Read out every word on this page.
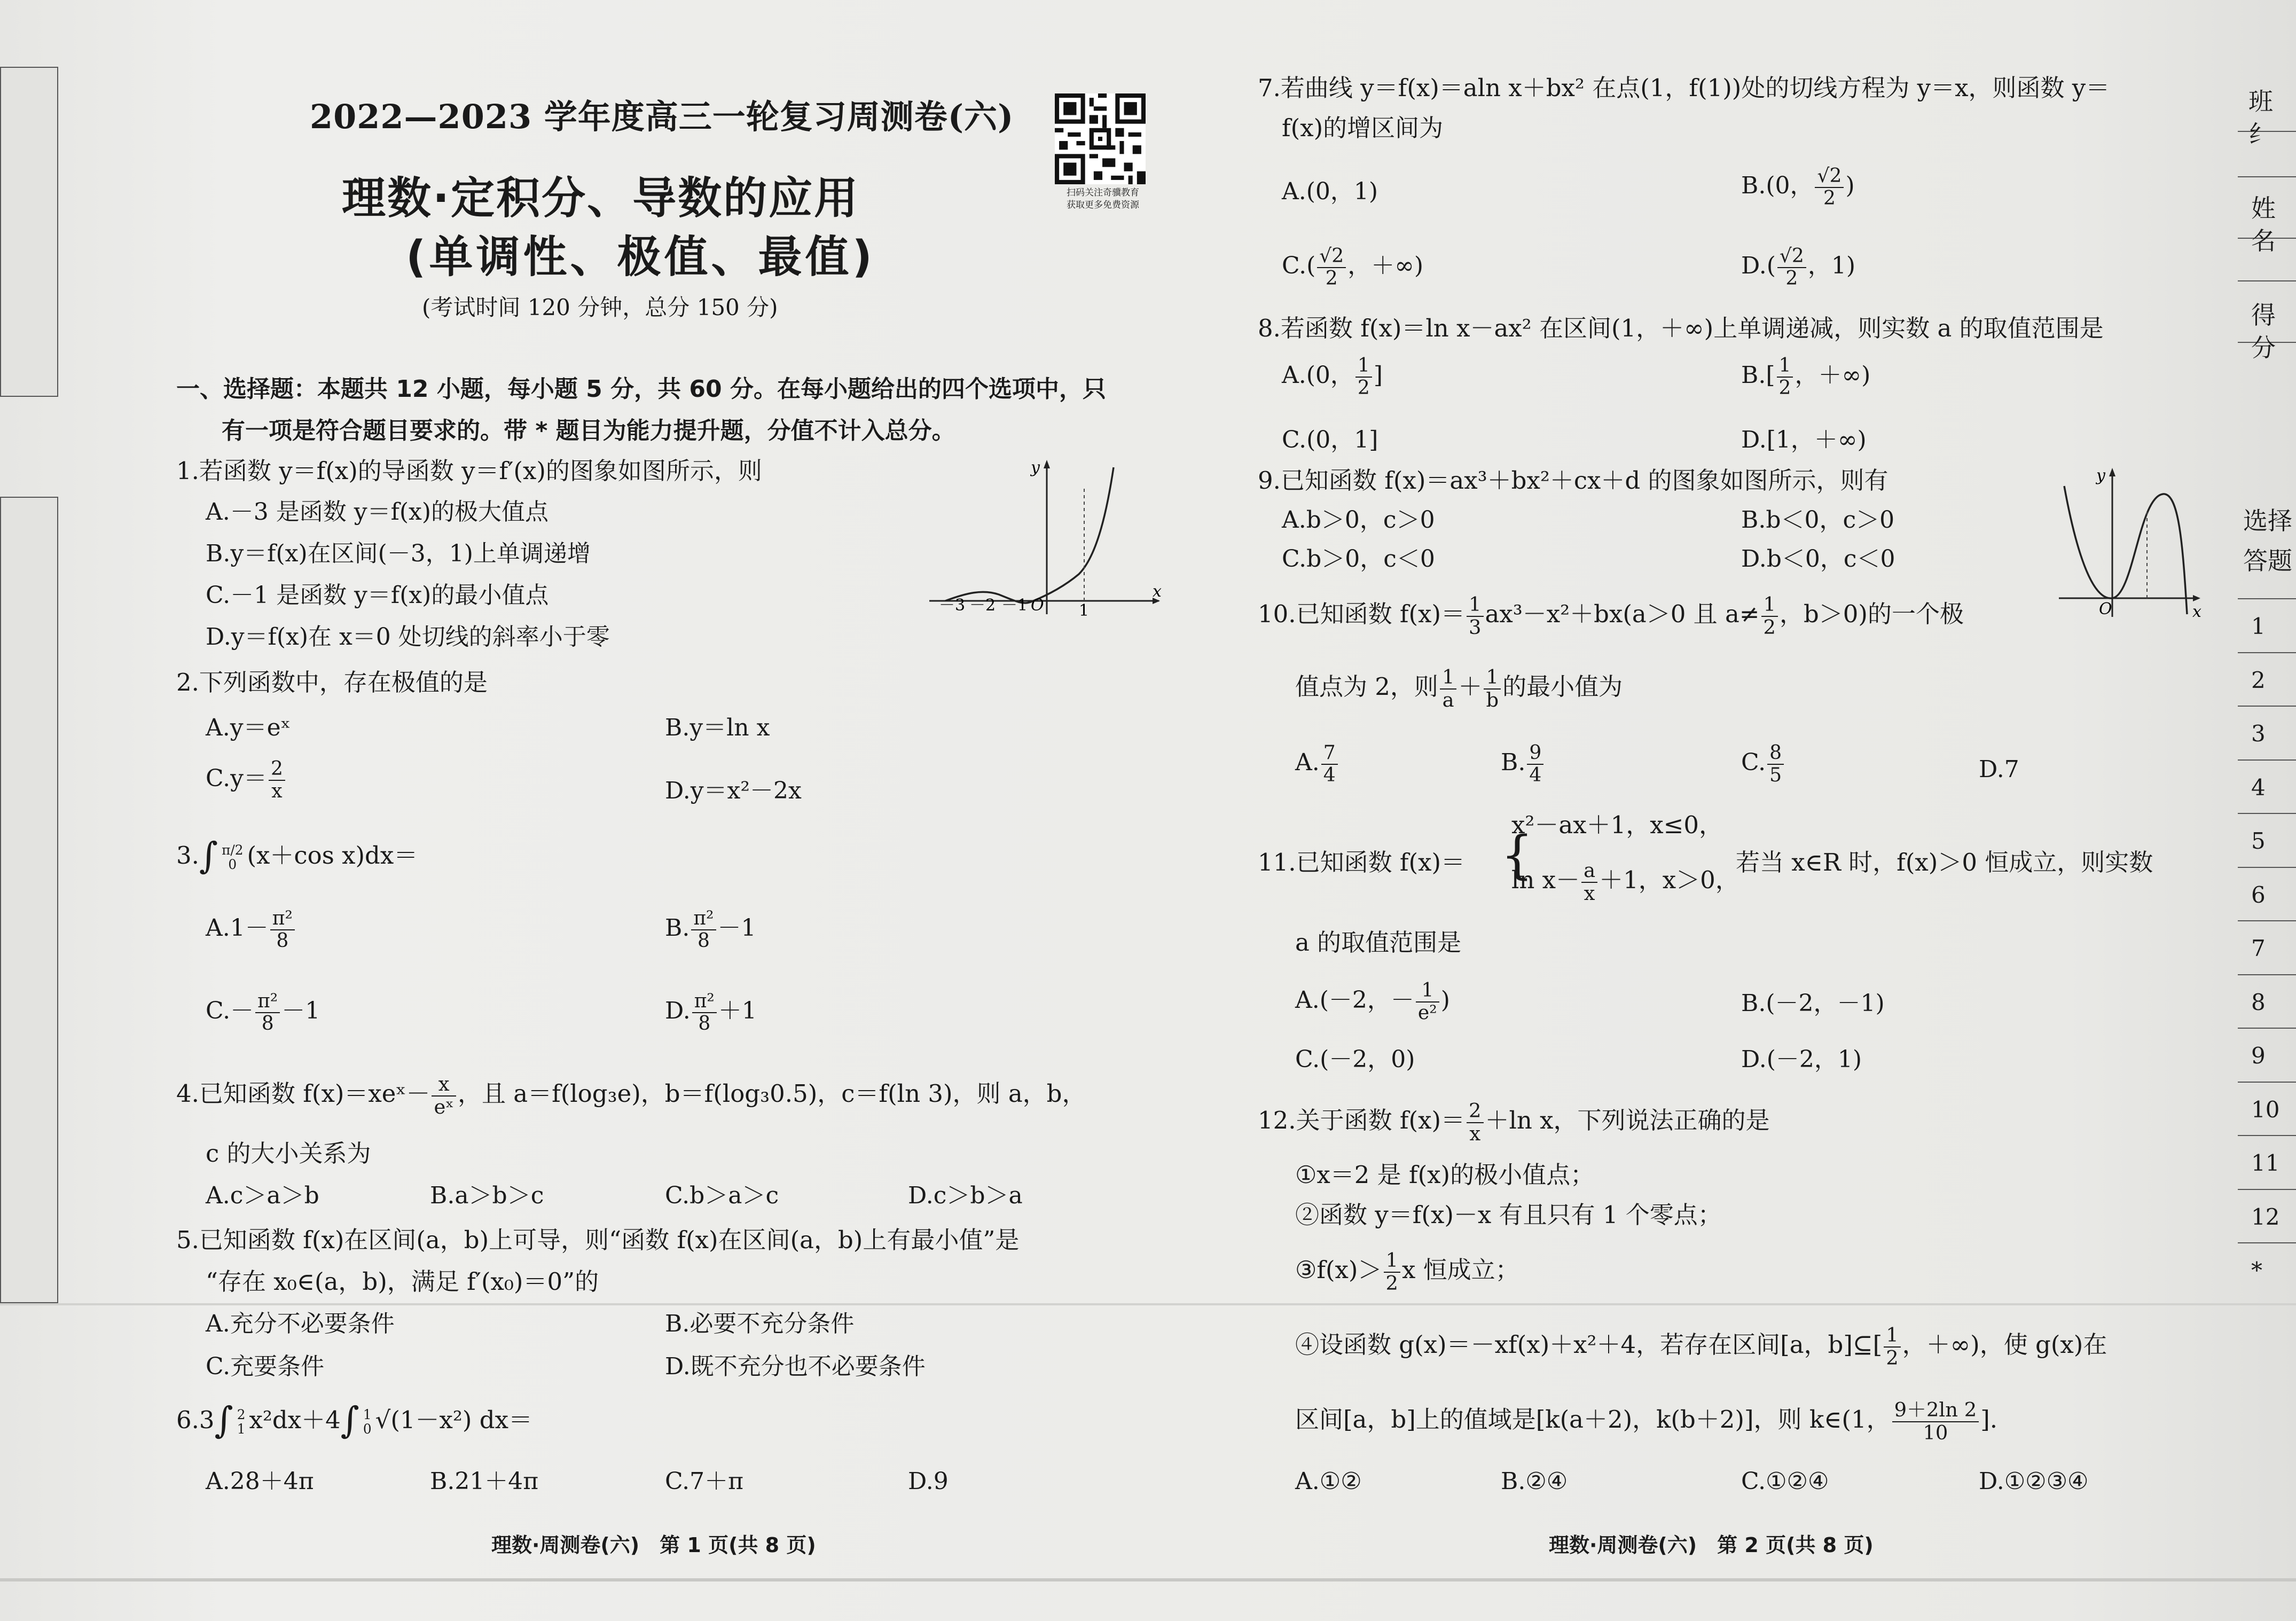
2022—2023 学年度高三一轮复习周测卷(六)
理数·定积分、导数的应用
(单调性、极值、最值)
(考试时间 120 分钟，总分 150 分)
扫码关注奇骥教育
获取更多免费资源
一、选择题：本题共 12 小题，每小题 5 分，共 60 分。在每小题给出的四个选项中，只
有一项是符合题目要求的。带 * 题目为能力提升题，分值不计入总分。
1.若函数 y＝f(x)的导函数 y＝f′(x)的图象如图所示，则
A.－3 是函数 y＝f(x)的极大值点
B.y＝f(x)在区间(－3，1)上单调递增
C.－1 是函数 y＝f(x)的最小值点
D.y＝f(x)在 x＝0 处切线的斜率小于零
－3 －2 －1 O 1
x
y
2.下列函数中，存在极值的是
A.y＝eˣ	B.y＝ln x
$C.y= \frac{2}{x}$	D.y＝x²－2x
3.∫ π/2
0 (x＋cos x)dx＝
$A.1- \frac{\text{π²}}{8}$	B. $\frac{\text{π²}}{8} -1$
$C.- \frac{\text{π²}}{8} -1$	D. $\frac{\text{π²}}{8} +1$
4.已知函数 f(x)＝xeˣ－ $\frac{x}{\text{eˣ}}$ ，且 a＝f(log₃e)，b＝f(log₃0.5)，c＝f(ln 3)，则 a，b，
c 的大小关系为
A.c＞a＞b	B.a＞b＞c	C.b＞a＞c	D.c＞b＞a
5.已知函数 f(x)在区间(a，b)上可导，则“函数 f(x)在区间(a，b)上有最小值”是
“存在 x₀∈(a，b)，满足 f′(x₀)＝0”的
A.充分不必要条件	B.必要不充分条件
C.充要条件	D.既不充分也不必要条件
6.3∫ 2
1 x²dx＋4∫ 1
0 √(1－x²) dx＝
A.28＋4π	B.21＋4π	C.7＋π	D.9
理数·周测卷(六)　第 1 页(共 8 页)
7.若曲线 y＝f(x)＝aln x＋bx² 在点(1，f(1))处的切线方程为 y＝x，则函数 y＝
f(x)的增区间为
A.(0，1)	B.(0， $\frac{√2}{2}$ )
$C.( \frac{√2}{2}$ ，＋∞)	$D.( \frac{√2}{2}$ ，1)
8.若函数 f(x)＝ln x－ax² 在区间(1，＋∞)上单调递减，则实数 a 的取值范围是
A.(0， $\frac{1}{2}$ ]	$B.[ \frac{1}{2}$ ，＋∞)
C.(0，1]	D.[1，＋∞)
9.已知函数 f(x)＝ax³＋bx²＋cx＋d 的图象如图所示，则有
A.b＞0，c＞0	B.b＜0，c＞0
C.b＞0，c＜0	D.b＜0，c＜0
O	x
y
10.已知函数 $f(x)= \frac{1}{3} ax^3-x^2+bx(a>0$ 且 $a\ne \frac{1}{2}$ ，b＞0)的一个极
值点为 2，则 $\frac{1}{a} + \frac{1}{b}$ 的最小值为
A. $\frac{7}{4}$	B. $\frac{9}{4}$	C. $\frac{8}{5}$	D.7
11.已知函数 f(x)＝ {
x²－ax＋1，x≤0，
$\ln x- \frac{a}{x} +1$，x＞0，
若当 x∈R 时，f(x)＞0 恒成立，则实数
a 的取值范围是
A.(－2，－ $\frac{1}{\text{e²}}$ )	B.(－2，－1)
C.(－2，0)	D.(－2，1)
12.关于函数 $f(x)= \frac{2}{x} +\ln$ x，下列说法正确的是
①x＝2 是 f(x)的极小值点；
②函数 y＝f(x)－x 有且只有 1 个零点；
③f(x)＞ $\frac{1}{2}$ x 恒成立；
④设函数 g(x)＝－xf(x)＋x²＋4，若存在区间[a，b]⊆[ $\frac{1}{2}$ ，＋∞)，使 g(x)在
区间[a，b]上的值域是[k(a＋2)，k(b＋2)]，则 k∈(1， $\frac{9+2\ln 2}{10}$ ].
A.①②	B.②④	C.①②④	D.①②③④
理数·周测卷(六)　第 2 页(共 8 页)
班纟
姓名
得分
选择
答题
1
2
3
4
5
6
7
8
9
10
11
12
*
